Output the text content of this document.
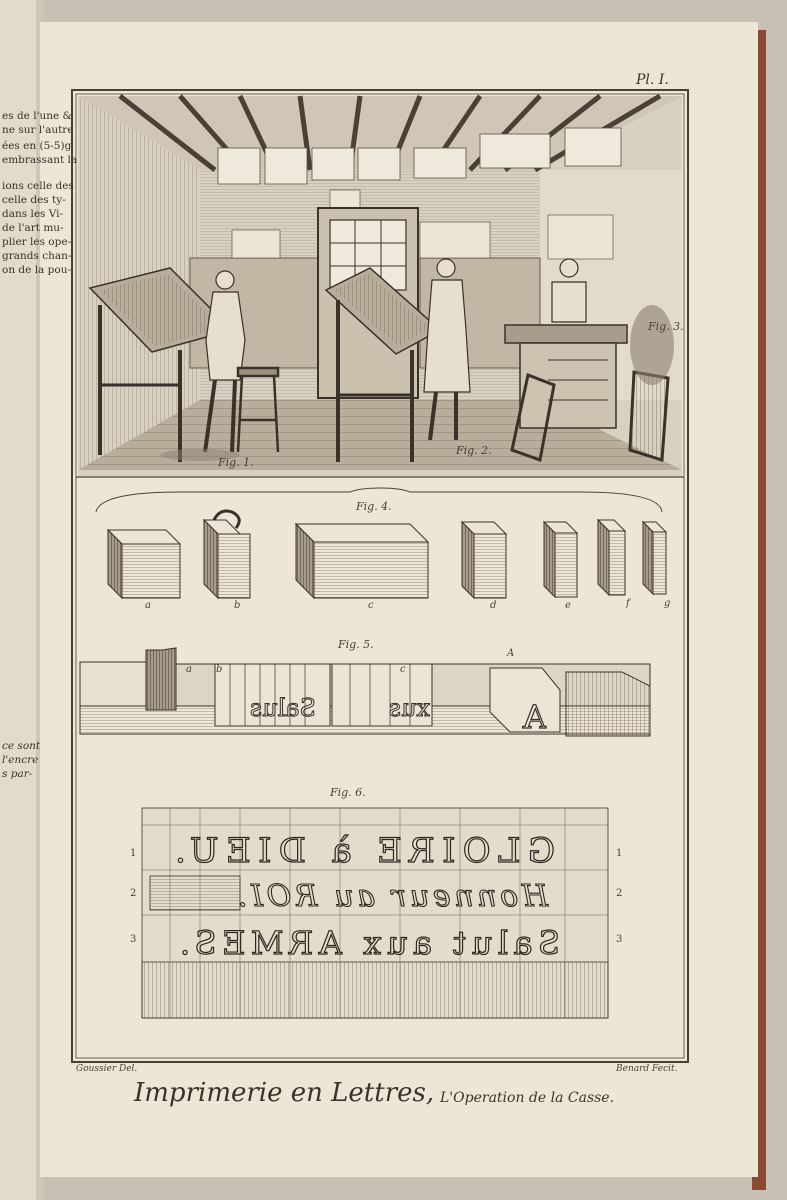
Salus	xus	A
GLOIRE à DIEU.
Honneur au ROI.
Salut aux ARMES.
es de l'une &
ne sur l'autre
ées en (5-5)g
embrassant la
ions celle des
celle des ty-
dans les Vi-
de l'art mu-
plier les ope-
grands chan-
on de la pou-
ce sont
l'encre
s par-
Pl. I.
Fig. 1.
Fig. 2.
Fig. 3.
Fig. 4.
Fig. 5.
Fig. 6.
a	b	c	d	e	f	g
a b	c
A
1
2
3
1
2
3
Goussier Del.	Benard Fecit.
Imprimerie en Lettres, L'Operation de la Casse.
